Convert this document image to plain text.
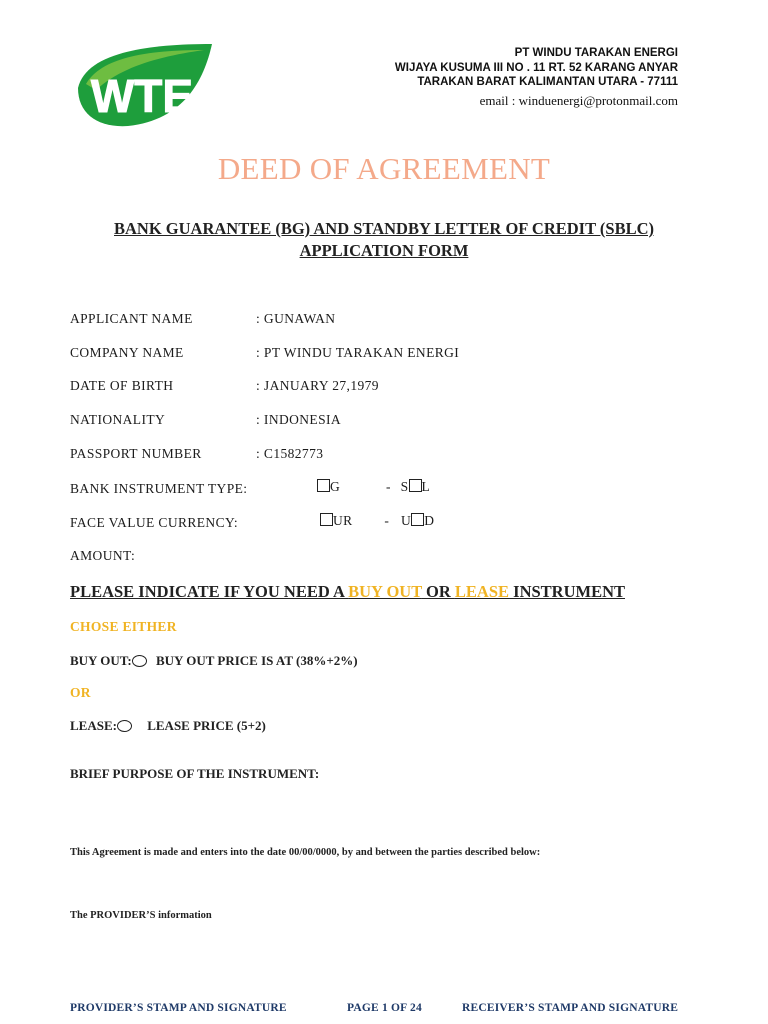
WTE
PT WINDU TARAKAN ENERGI
WIJAYA KUSUMA III NO . 11 RT. 52 KARANG ANYAR
TARAKAN BARAT KALIMANTAN UTARA - 77111
email : winduenergi@protonmail.com
DEED OF AGREEMENT
BANK GUARANTEE (BG) AND STANDBY LETTER OF CREDIT (SBLC)
APPLICATION FORM
APPLICANT NAME	: GUNAWAN
COMPANY NAME	: PT WINDU TARAKAN ENERGI
DATE OF BIRTH	: JANUARY 27,1979
NATIONALITY	: INDONESIA
PASSPORT NUMBER	: C1582773
BANK INSTRUMENT TYPE:	G	- S L
FACE VALUE CURRENCY:	UR - U D
AMOUNT:
PLEASE INDICATE IF YOU NEED A BUY OUT OR LEASE INSTRUMENT
CHOSE EITHER
BUY OUT: BUY OUT PRICE IS AT (38%+2%)
OR
LEASE: LEASE PRICE (5+2)
BRIEF PURPOSE OF THE INSTRUMENT:
This Agreement is made and enters into the date 00/00/0000, by and between the parties described below:
The PROVIDER’S information
PROVIDER’S STAMP AND SIGNATURE	PAGE 1 OF 24	RECEIVER’S STAMP AND SIGNATURE
